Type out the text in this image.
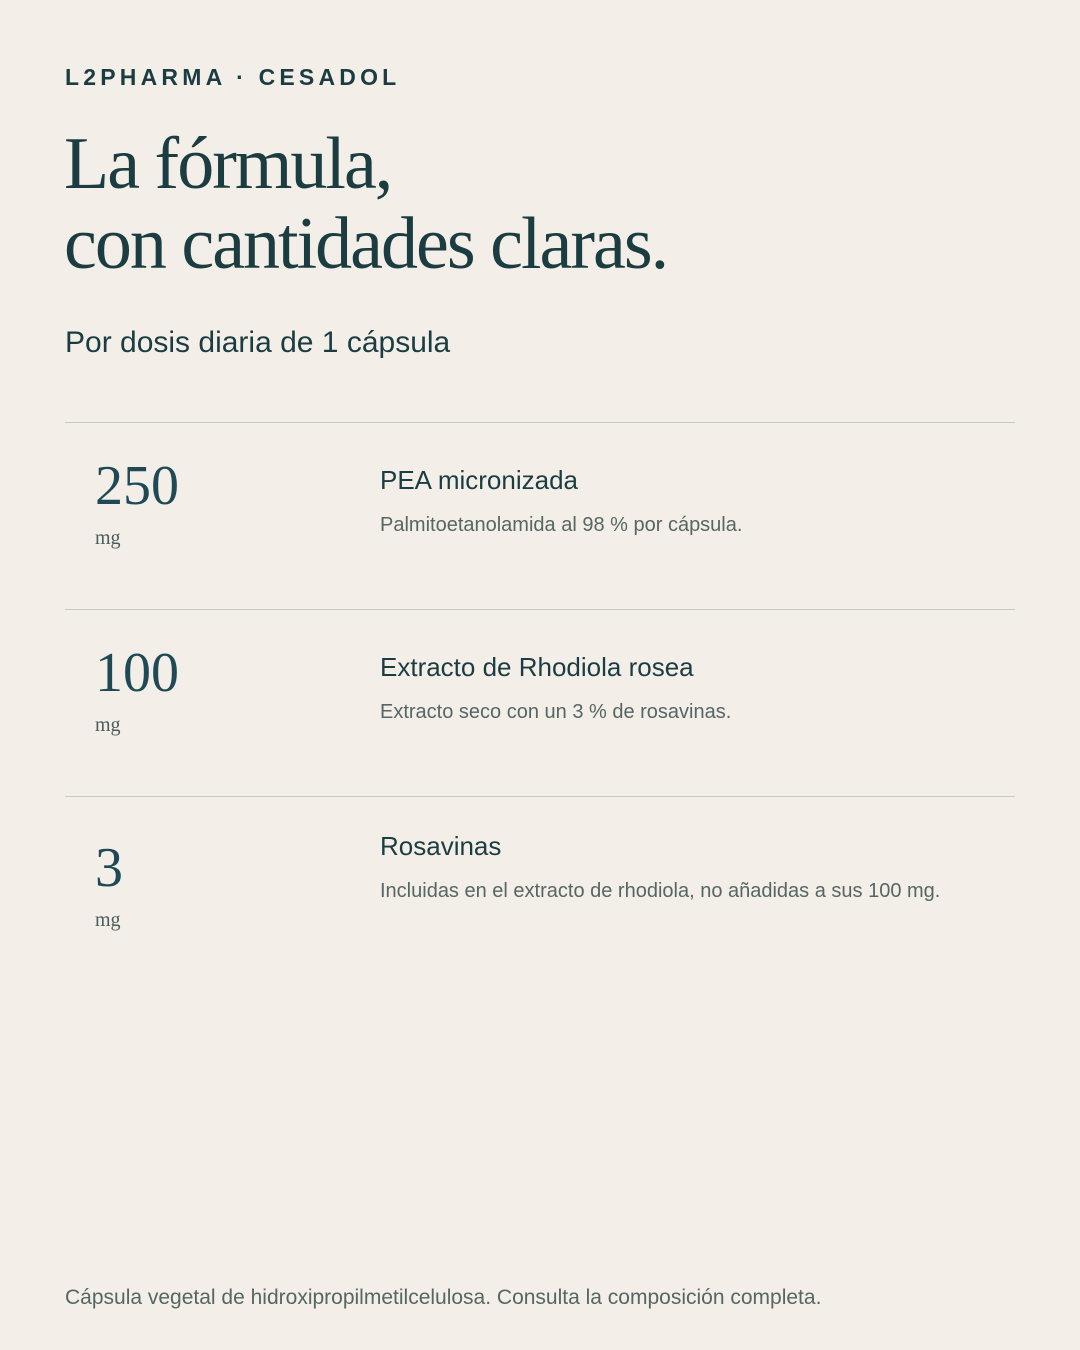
L2PHARMA · CESADOL
La fórmula,
con cantidades claras.
Por dosis diaria de 1 cápsula
250
mg
PEA micronizada
Palmitoetanolamida al 98 % por cápsula.
100
mg
Extracto de Rhodiola rosea
Extracto seco con un 3 % de rosavinas.
3
mg
Rosavinas
Incluidas en el extracto de rhodiola, no añadidas a sus 100 mg.
Cápsula vegetal de hidroxipropilmetilcelulosa. Consulta la composición completa.
